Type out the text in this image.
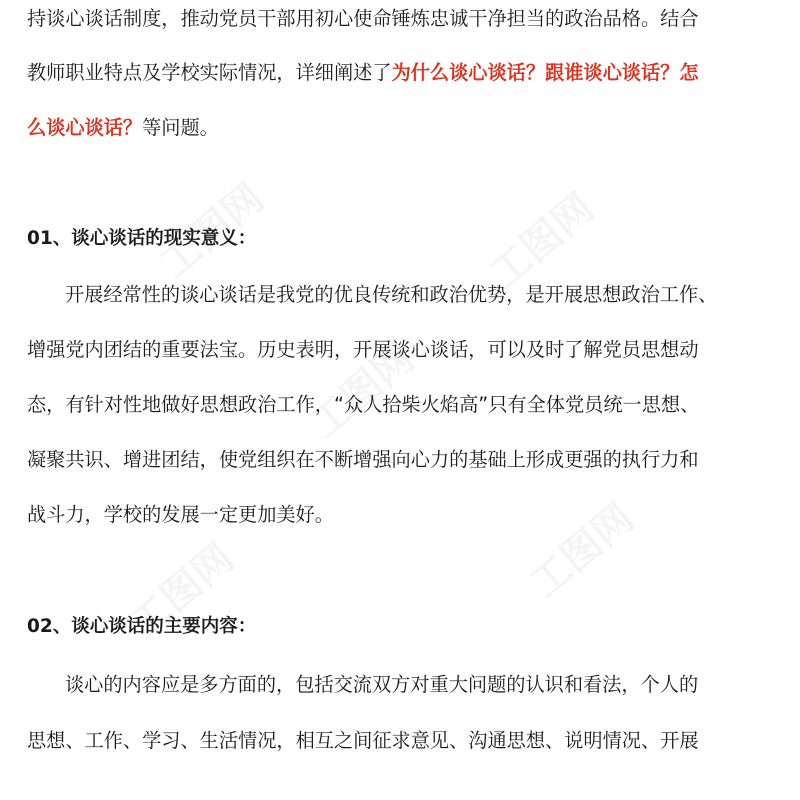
持谈心谈话制度，推动党员干部用初心使命锤炼忠诚干净担当的政治品格。结合
教师职业特点及学校实际情况，详细阐述了为什么谈心谈话？跟谁谈心谈话？怎
么谈心谈话？等问题。
01、谈心谈话的现实意义：
开展经常性的谈心谈话是我党的优良传统和政治优势，是开展思想政治工作、
增强党内团结的重要法宝。历史表明，开展谈心谈话，可以及时了解党员思想动
态，有针对性地做好思想政治工作，“众人拾柴火焰高”只有全体党员统一思想、
凝聚共识、增进团结，使党组织在不断增强向心力的基础上形成更强的执行力和
战斗力，学校的发展一定更加美好。
02、谈心谈话的主要内容：
谈心的内容应是多方面的，包括交流双方对重大问题的认识和看法，个人的
思想、工作、学习、生活情况，相互之间征求意见、沟通思想、说明情况、开展
